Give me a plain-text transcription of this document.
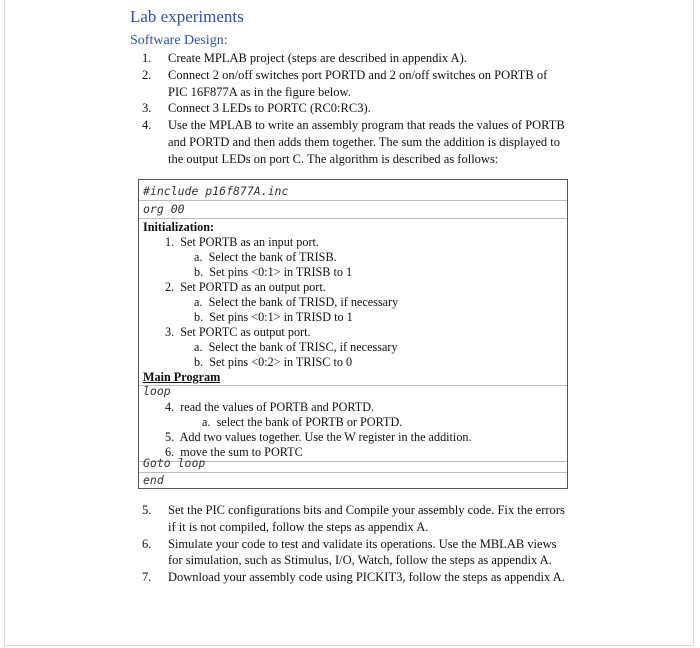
Lab experiments
Software Design:
1.	Create MPLAB project (steps are described in appendix A).
2.	Connect 2 on/off switches port PORTD and 2 on/off switches on PORTB of PIC 16F877A as in the figure below.
3.	Connect 3 LEDs to PORTC (RC0:RC3).
4.	Use the MPLAB to write an assembly program that reads the values of PORTB and PORTD and then adds them together. The sum the addition is displayed to the output LEDs on port C. The algorithm is described as follows:
#include p16f877A.inc
org 00
Initialization:
1. Set PORTB as an input port.
a. Select the bank of TRISB.
b. Set pins <0:1> in TRISB to 1
2. Set PORTD as an output port.
a. Select the bank of TRISD, if necessary
b. Set pins <0:1> in TRISD to 1
3. Set PORTC as output port.
a. Select the bank of TRISC, if necessary
b. Set pins <0:2> in TRISC to 0
Main Program
loop
4. read the values of PORTB and PORTD.
a. select the bank of PORTB or PORTD.
5. Add two values together. Use the W register in the addition.
6. move the sum to PORTC
Goto loop
end
5.	Set the PIC configurations bits and Compile your assembly code. Fix the errors if it is not compiled, follow the steps as appendix A.
6.	Simulate your code to test and validate its operations. Use the MBLAB views for simulation, such as Stimulus, I/O, Watch, follow the steps as appendix A.
7.	Download your assembly code using PICKIT3, follow the steps as appendix A.
